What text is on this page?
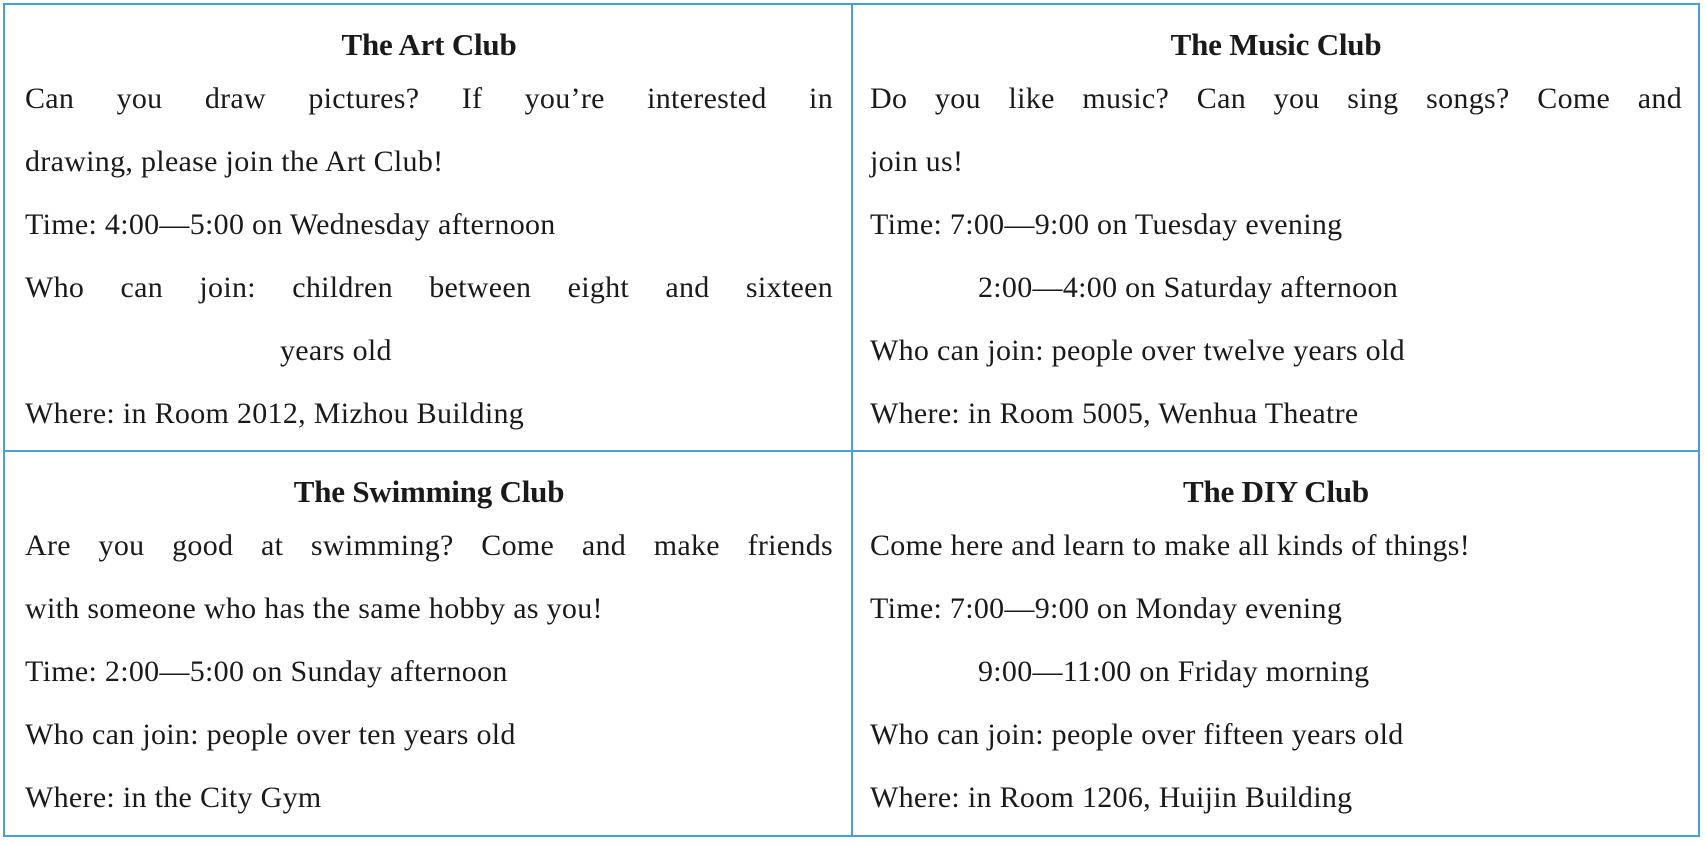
The Art Club
Can you draw pictures? If you’re interested in
drawing, please join the Art Club!
Time: 4:00—5:00 on Wednesday afternoon
Who can join: children between eight and sixteen
years old
Where: in Room 2012, Mizhou Building
The Music Club
Do you like music? Can you sing songs? Come and
join us!
Time: 7:00—9:00 on Tuesday evening
2:00—4:00 on Saturday afternoon
Who can join: people over twelve years old
Where: in Room 5005, Wenhua Theatre
The Swimming Club
Are you good at swimming? Come and make friends
with someone who has the same hobby as you!
Time: 2:00—5:00 on Sunday afternoon
Who can join: people over ten years old
Where: in the City Gym
The DIY Club
Come here and learn to make all kinds of things!
Time: 7:00—9:00 on Monday evening
9:00—11:00 on Friday morning
Who can join: people over fifteen years old
Where: in Room 1206, Huijin Building
